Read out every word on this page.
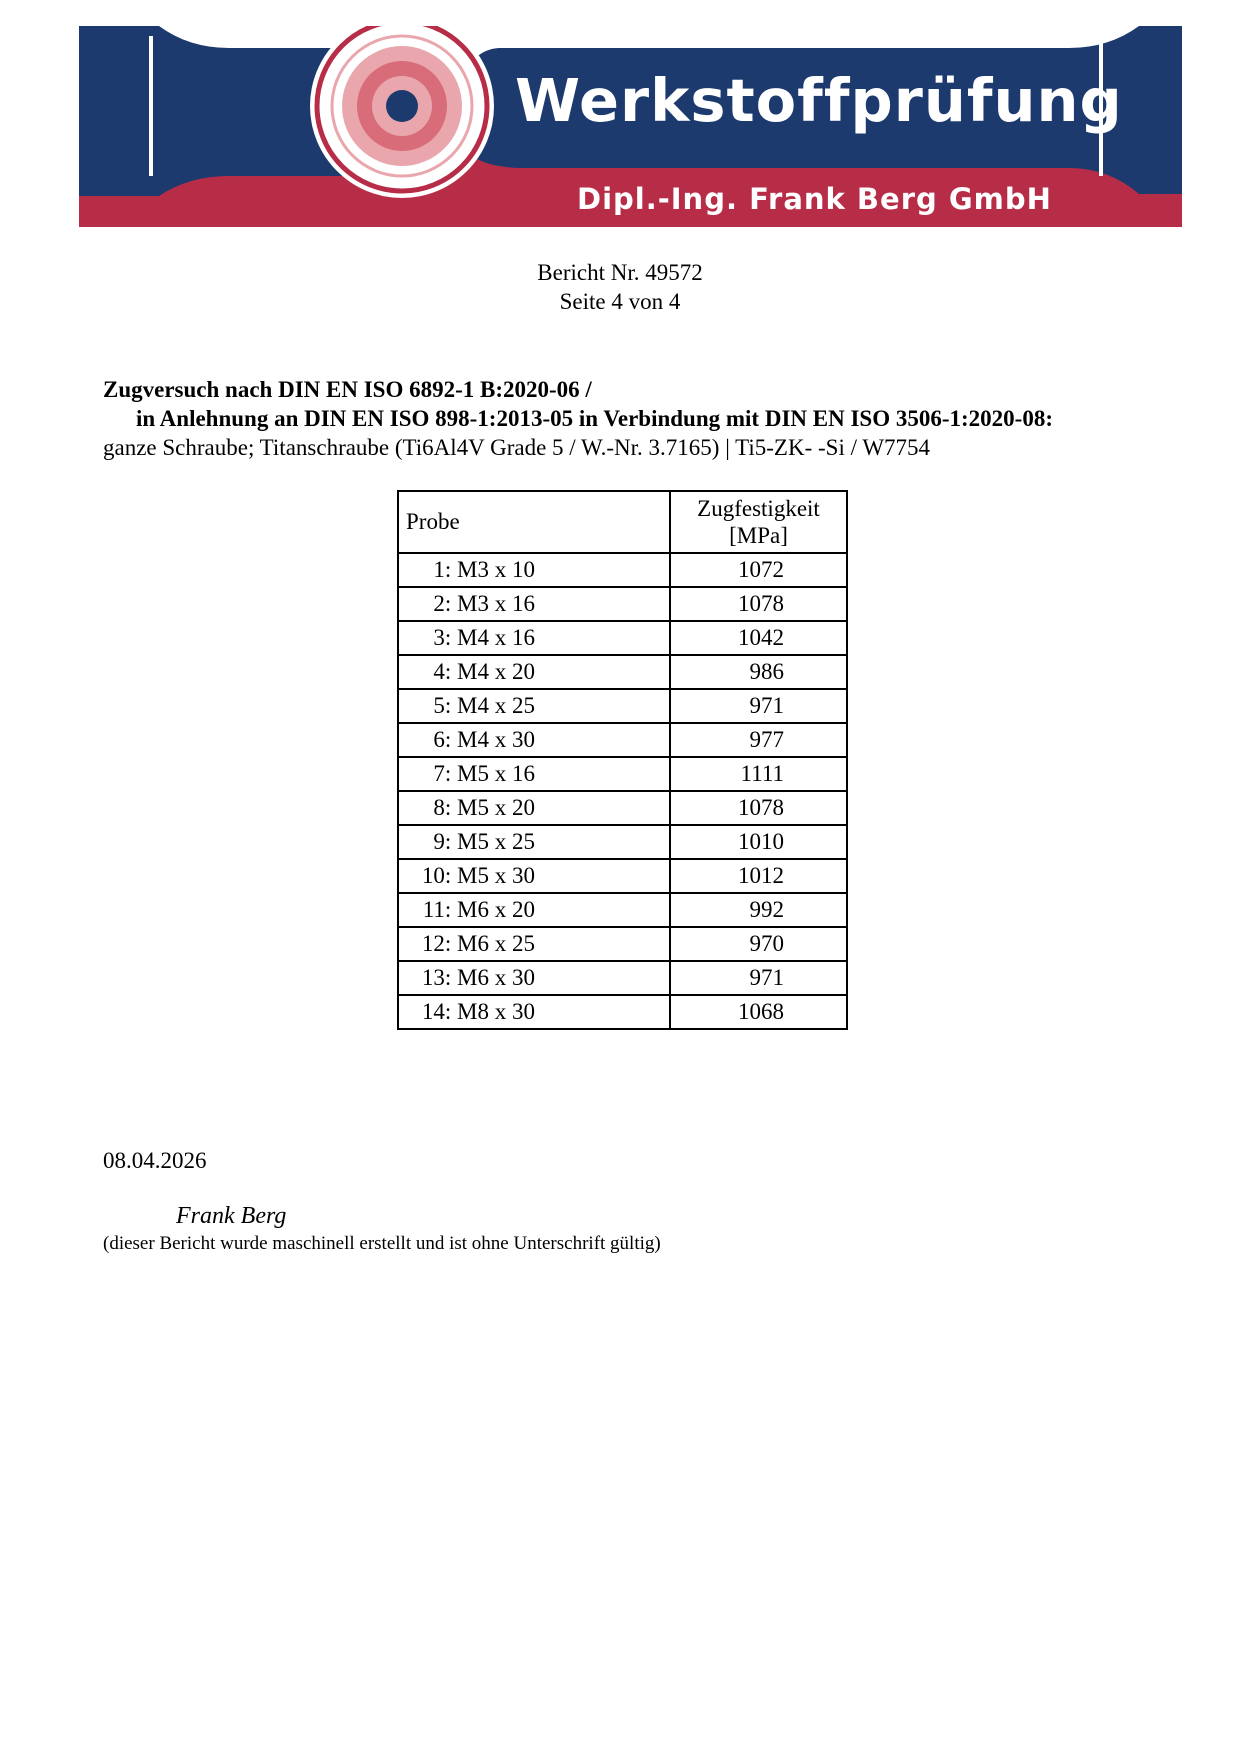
Werkstoffprüfung
Dipl.-Ing. Frank Berg GmbH
Bericht Nr. 49572
Seite 4 von 4
Zugversuch nach DIN EN ISO 6892-1 B:2020-06 /
in Anlehnung an DIN EN ISO 898-1:2013-05 in Verbindung mit DIN EN ISO 3506-1:2020-08:
ganze Schraube; Titanschraube (Ti6Al4V Grade 5 / W.-Nr. 3.7165) | Ti5-ZK- -Si / W7754
Probe	Zugfestigkeit
[MPa]

1: M3 x 10	1072
2: M3 x 16	1078
3: M4 x 16	1042
4: M4 x 20	986
5: M4 x 25	971
6: M4 x 30	977
7: M5 x 16	1111
8: M5 x 20	1078
9: M5 x 25	1010
10: M5 x 30	1012
11: M6 x 20	992
12: M6 x 25	970
13: M6 x 30	971
14: M8 x 30	1068
08.04.2026
Frank Berg
(dieser Bericht wurde maschinell erstellt und ist ohne Unterschrift gültig)
